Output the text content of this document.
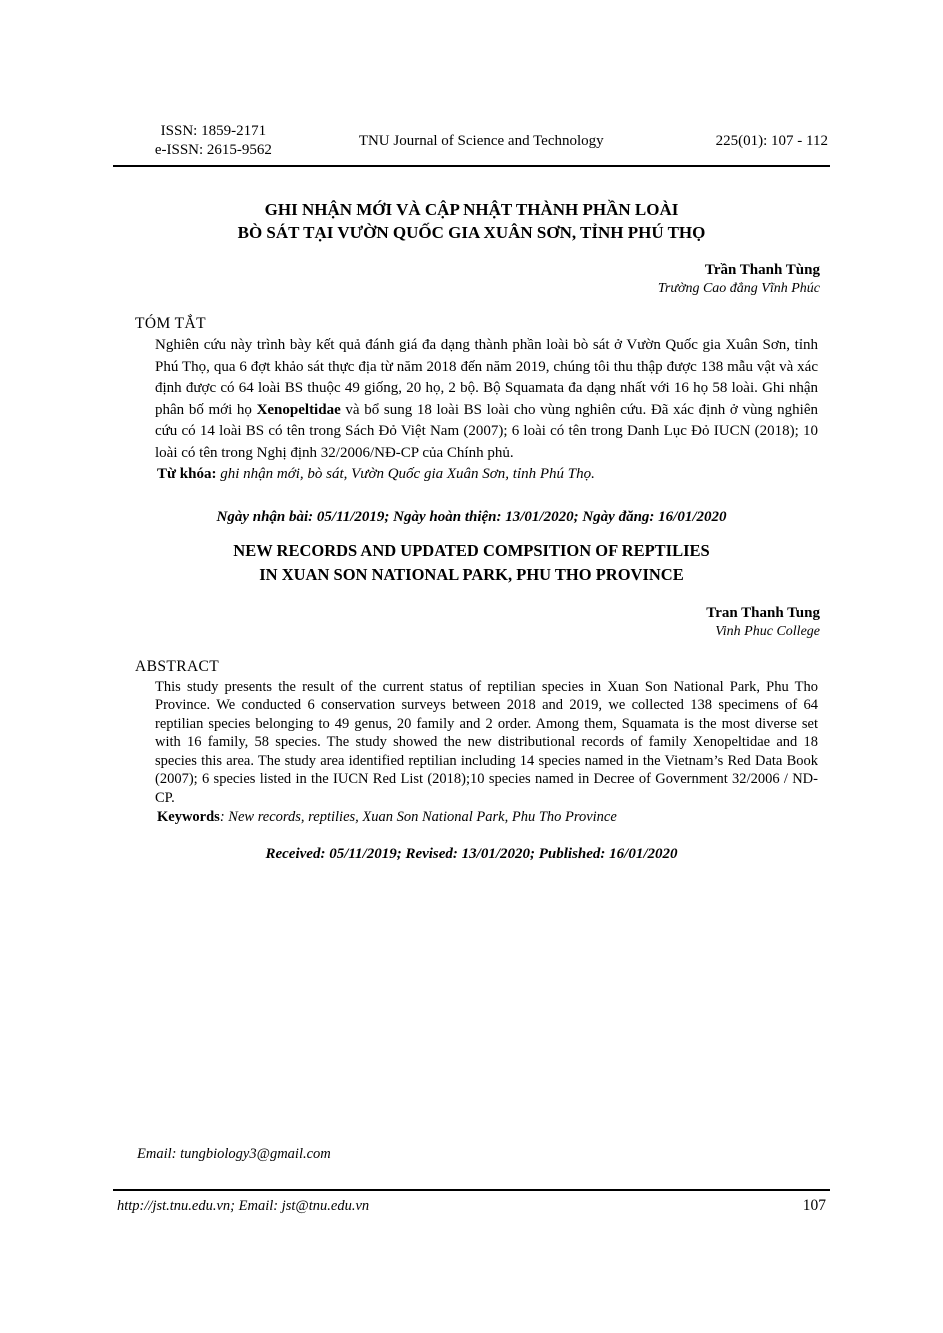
ISSN: 1859-2171
e-ISSN: 2615-9562
TNU Journal of Science and Technology	225(01): 107 - 112
GHI NHẬN MỚI VÀ CẬP NHẬT THÀNH PHẦN LOÀI
BÒ SÁT TẠI VƯỜN QUỐC GIA XUÂN SƠN, TỈNH PHÚ THỌ
Trần Thanh Tùng
Trường Cao đẳng Vĩnh Phúc
TÓM TẮT
Nghiên cứu này trình bày kết quả đánh giá đa dạng thành phần loài bò sát ở Vườn Quốc gia Xuân Sơn, tỉnh Phú Thọ, qua 6 đợt khảo sát thực địa từ năm 2018 đến năm 2019, chúng tôi thu thập được 138 mẫu vật và xác định được có 64 loài BS thuộc 49 giống, 20 họ, 2 bộ. Bộ Squamata đa dạng nhất với 16 họ 58 loài. Ghi nhận phân bố mới họ Xenopeltidae và bổ sung 18 loài BS loài cho vùng nghiên cứu. Đã xác định ở vùng nghiên cứu có 14 loài BS có tên trong Sách Đỏ Việt Nam (2007); 6 loài có tên trong Danh Lục Đỏ IUCN (2018); 10 loài có tên trong Nghị định 32/2006/NĐ-CP của Chính phủ.
Từ khóa: ghi nhận mới, bò sát, Vườn Quốc gia Xuân Sơn, tỉnh Phú Thọ.
Ngày nhận bài: 05/11/2019; Ngày hoàn thiện: 13/01/2020; Ngày đăng: 16/01/2020
NEW RECORDS AND UPDATED COMPSITION OF REPTILIES
IN XUAN SON NATIONAL PARK, PHU THO PROVINCE
Tran Thanh Tung
Vinh Phuc College
ABSTRACT
This study presents the result of the current status of reptilian species in Xuan Son National Park, Phu Tho Province. We conducted 6 conservation surveys between 2018 and 2019, we collected 138 specimens of 64 reptilian species belonging to 49 genus, 20 family and 2 order. Among them, Squamata is the most diverse set with 16 family, 58 species. The study showed the new distributional records of family Xenopeltidae and 18 species this area. The study area identified reptilian including 14 species named in the Vietnam’s Red Data Book (2007); 6 species listed in the IUCN Red List (2018);10 species named in Decree of Government 32/2006 / ND-CP.
Keywords: New records, reptilies, Xuan Son National Park, Phu Tho Province
Received: 05/11/2019; Revised: 13/01/2020; Published: 16/01/2020
Email: tungbiology3@gmail.com
http://jst.tnu.edu.vn; Email: jst@tnu.edu.vn	107
